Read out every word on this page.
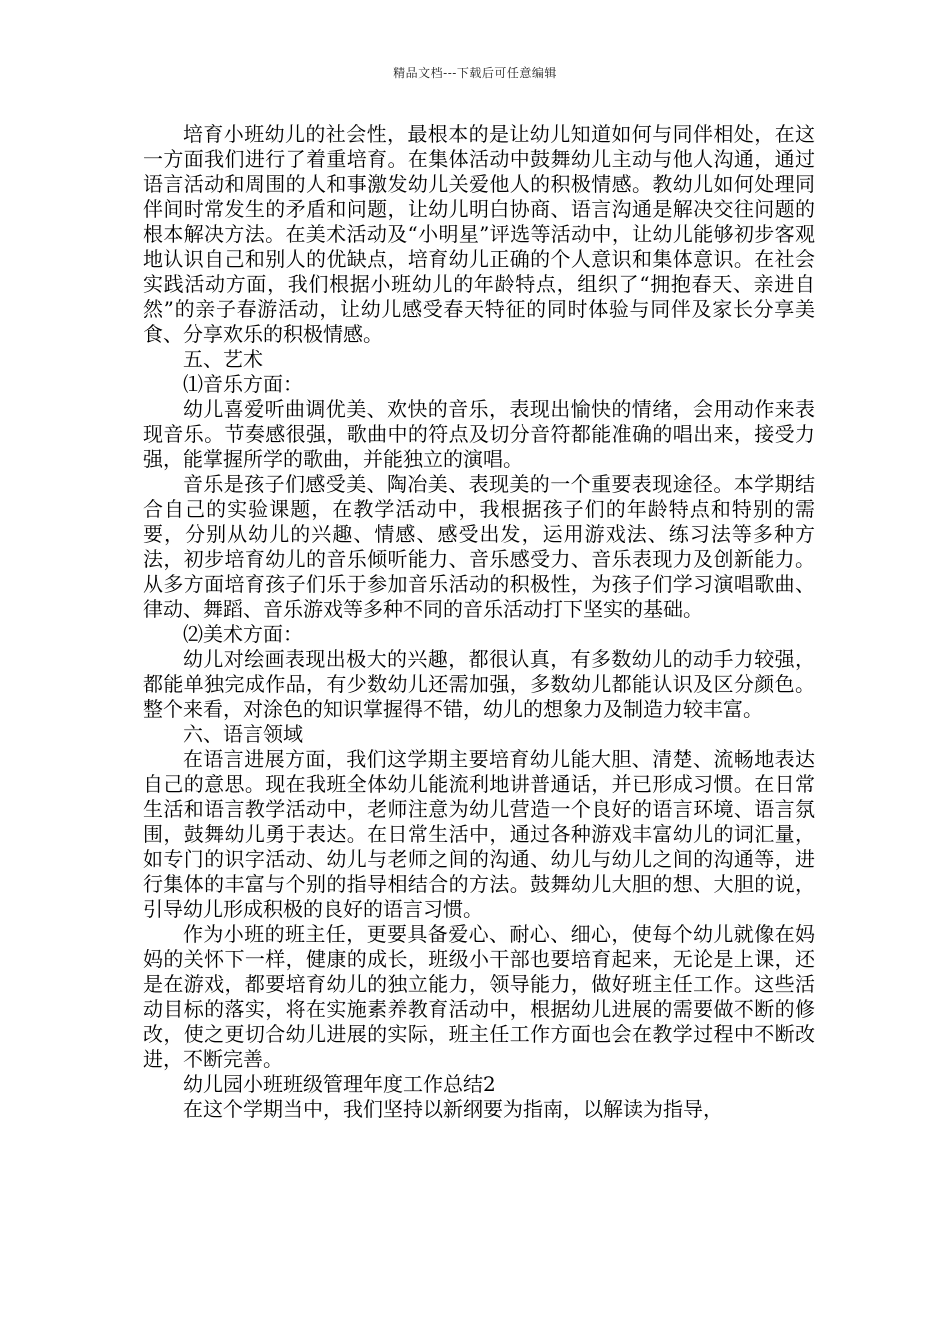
精品文档---下载后可任意编辑

培育小班幼儿的社会性，最根本的是让幼儿知道如何与同伴相处，在这一方面我们进行了着重培育。在集体活动中鼓舞幼儿主动与他人沟通，通过语言活动和周围的人和事激发幼儿关爱他人的积极情感。教幼儿如何处理同伴间时常发生的矛盾和问题，让幼儿明白协商、语言沟通是解决交往问题的根本解决方法。在美术活动及“小明星”评选等活动中，让幼儿能够初步客观地认识自己和别人的优缺点，培育幼儿正确的个人意识和集体意识。在社会实践活动方面，我们根据小班幼儿的年龄特点，组织了“拥抱春天、亲进自然”的亲子春游活动，让幼儿感受春天特征的同时体验与同伴及家长分享美食、分享欢乐的积极情感。

五、艺术

⑴音乐方面：

幼儿喜爱听曲调优美、欢快的音乐，表现出愉快的情绪，会用动作来表现音乐。节奏感很强，歌曲中的符点及切分音符都能准确的唱出来，接受力强，能掌握所学的歌曲，并能独立的演唱。

音乐是孩子们感受美、陶冶美、表现美的一个重要表现途径。本学期结合自己的实验课题，在教学活动中，我根据孩子们的年龄特点和特别的需要，分别从幼儿的兴趣、情感、感受出发，运用游戏法、练习法等多种方法，初步培育幼儿的音乐倾听能力、音乐感受力、音乐表现力及创新能力。从多方面培育孩子们乐于参加音乐活动的积极性，为孩子们学习演唱歌曲、律动、舞蹈、音乐游戏等多种不同的音乐活动打下坚实的基础。

⑵美术方面：

幼儿对绘画表现出极大的兴趣，都很认真，有多数幼儿的动手力较强，都能单独完成作品，有少数幼儿还需加强，多数幼儿都能认识及区分颜色。整个来看，对涂色的知识掌握得不错，幼儿的想象力及制造力较丰富。

六、语言领域

在语言进展方面，我们这学期主要培育幼儿能大胆、清楚、流畅地表达自己的意思。现在我班全体幼儿能流利地讲普通话，并已形成习惯。在日常生活和语言教学活动中，老师注意为幼儿营造一个良好的语言环境、语言氛围，鼓舞幼儿勇于表达。在日常生活中，通过各种游戏丰富幼儿的词汇量，如专门的识字活动、幼儿与老师之间的沟通、幼儿与幼儿之间的沟通等，进行集体的丰富与个别的指导相结合的方法。鼓舞幼儿大胆的想、大胆的说，引导幼儿形成积极的良好的语言习惯。

作为小班的班主任，更要具备爱心、耐心、细心，使每个幼儿就像在妈妈的关怀下一样，健康的成长，班级小干部也要培育起来，无论是上课，还是在游戏，都要培育幼儿的独立能力，领导能力，做好班主任工作。这些活动目标的落实，将在实施素养教育活动中，根据幼儿进展的需要做不断的修改，使之更切合幼儿进展的实际，班主任工作方面也会在教学过程中不断改进，不断完善。

幼儿园小班班级管理年度工作总结2

在这个学期当中，我们坚持以新纲要为指南，以解读为指导，
